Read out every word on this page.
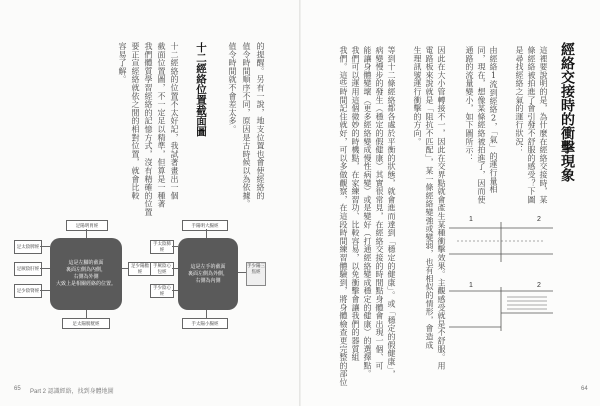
的提醒。另有一說，地支位置也會使經絡的
值令時間順序不同，原因是古時候以為依據。
值令時間就不會差太多。
十二經絡位置截面圖
十二經絡的位置不太好記，我試著畫出一個
截面位置圖，不一定足以精準，但算是一種著
我們體質學習經絡的記憶方式，沒有精確的位置
要正宣經絡就依之間的相對位置，就會比較
容易了解。
這是左腳的截面
裏面左側為內側，
右側為外側
大致上是相關經絡的位置。
足陽明胃經
足太陽膀胱經
足太陰脾經
足厥陰肝經
足少陰腎經
足少陽膽經
這是左手的截面
裏面左側為外側，
右側為內側
手少陽三焦經
手陽明大腸經
手太陽小腸經
手太陰肺經
手厥陰心包經
手少陰心經
65 Part 2 認識經絡，找到身體地圖
經絡交接時的衝擊現象
這裡要說明的是，為什麼在經絡交接時，某
條經絡被拍進了會引發不舒服的感受？下圖
是尋找經絡之氣的運行狀況：
由經絡1流到經絡2，「氣」的運行量相
同，現在，想像某條經絡被拍進了，因而使
通路的流量變小，如下圖所示：
因此在大小管轉接不一，因此在交界點就會產生某種衝擊效果。主觀感受就是不舒服。用
電路板來說就是「阻抗不匹配」，某一條經絡變強或變弱，也有相似的情形，會造成
生理訊號運行衝擊的方向。
等到十二條經絡都各處於平衡的狀態，就會進而達到「穩定的健康」。或「穩定的假健康」，
病變慢步的發生（穩定的假健康）其實很常見，在經絡交接的時間點身體會出現一個、可
能讓身體變壞（更多經絡變成慢性病變）或是變好（打通經絡變成穩定的健康）的選擇點。
我們可以運用這個微妙的時機點，在家練習功、比較容易，以免衝擊會讓我們的器質組
我們。這些時間記住就好，可以多做觀察，在這段時間練習體驗到，將身體檢查更完整的部位	1	2
1	2
64
